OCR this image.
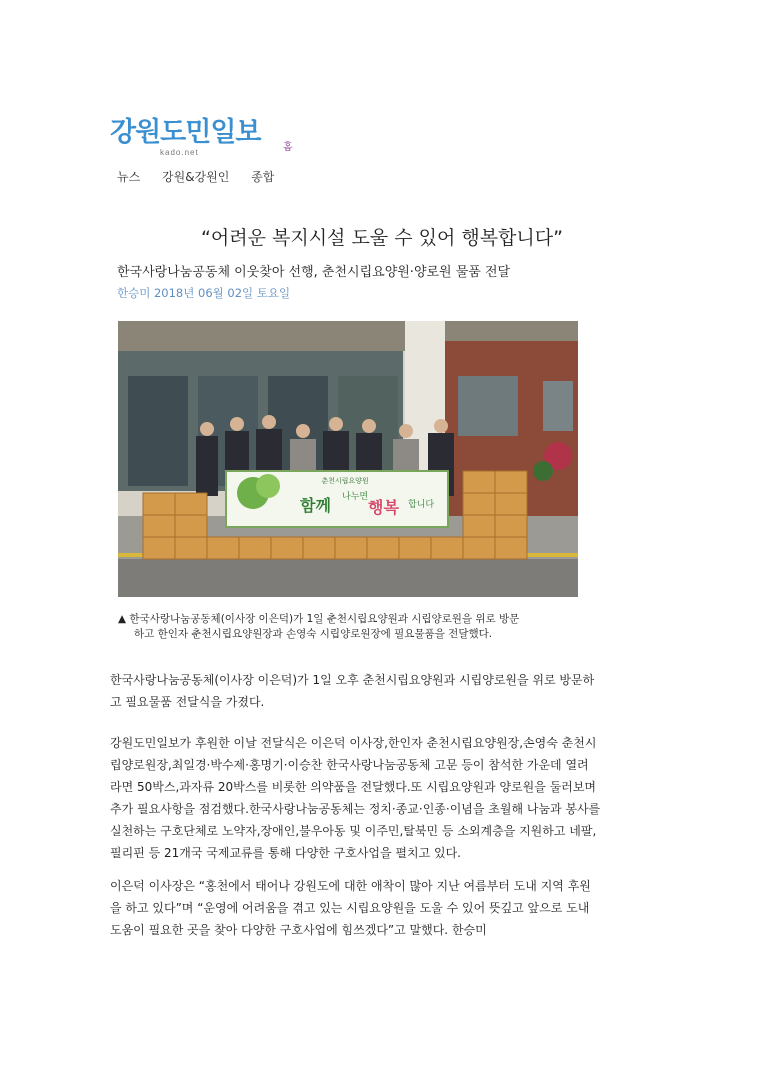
강원도민일보
kado.net	홈
뉴스 강원&강원인 종합
“어려운 복지시설 도울 수 있어 행복합니다”
한국사랑나눔공동체 이웃찾아 선행, 춘천시립요양원·양로원 물품 전달
한승미 2018년 06월 02일 토요일
춘천시립요양원
함께 나누면
행복 합니다
▲ 한국사랑나눔공동체(이사장 이은덕)가 1일 춘천시립요양원과 시립양로원을 위로 방문
하고 한인자 춘천시립요양원장과 손영숙 시립양로원장에 필요물품을 전달했다.
한국사랑나눔공동체(이사장 이은덕)가 1일 오후 춘천시립요양원과 시립양로원을 위로 방문하
고 필요물품 전달식을 가졌다.
강원도민일보가 후원한 이날 전달식은 이은덕 이사장,한인자 춘천시립요양원장,손영숙 춘천시
립양로원장,최일경·박수제·홍명기·이승찬 한국사랑나눔공동체 고문 등이 참석한 가운데 열려
라면 50박스,과자류 20박스를 비롯한 의약품을 전달했다.또 시립요양원과 양로원을 둘러보며
추가 필요사항을 점검했다.한국사랑나눔공동체는 정치·종교·인종·이념을 초월해 나눔과 봉사를
실천하는 구호단체로 노약자,장애인,불우아동 및 이주민,탈북민 등 소외계층을 지원하고 네팔,
필리핀 등 21개국 국제교류를 통해 다양한 구호사업을 펼치고 있다.
이은덕 이사장은 “홍천에서 태어나 강원도에 대한 애착이 많아 지난 여름부터 도내 지역 후원
을 하고 있다”며 “운영에 어려움을 겪고 있는 시립요양원을 도울 수 있어 뜻깊고 앞으로 도내
도움이 필요한 곳을 찾아 다양한 구호사업에 힘쓰겠다”고 말했다. 한승미
